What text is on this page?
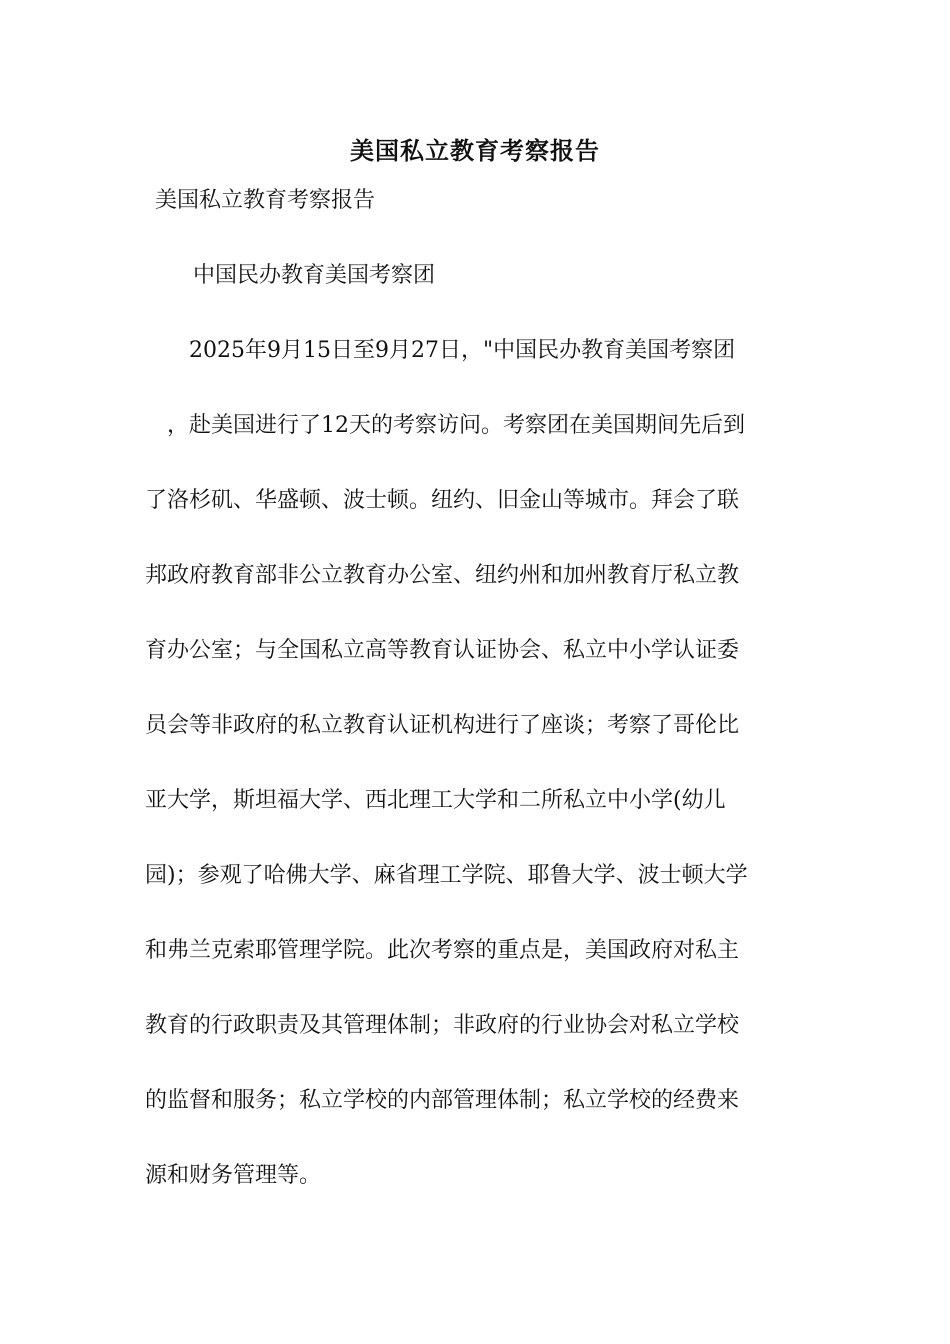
美国私立教育考察报告

美国私立教育考察报告

中国民办教育美国考察团

　　2025年9月15日至9月27日，"中国民办教育美国考察团

　，赴美国进行了12天的考察访问。考察团在美国期间先后到

了洛杉矶、华盛顿、波士顿。纽约、旧金山等城市。拜会了联

邦政府教育部非公立教育办公室、纽约州和加州教育厅私立教

育办公室；与全国私立高等教育认证协会、私立中小学认证委

员会等非政府的私立教育认证机构进行了座谈；考察了哥伦比

亚大学，斯坦福大学、西北理工大学和二所私立中小学(幼儿

园)；参观了哈佛大学、麻省理工学院、耶鲁大学、波士顿大学

和弗兰克索耶管理学院。此次考察的重点是，美国政府对私主

教育的行政职责及其管理体制；非政府的行业协会对私立学校

的监督和服务；私立学校的内部管理体制；私立学校的经费来

源和财务管理等。
